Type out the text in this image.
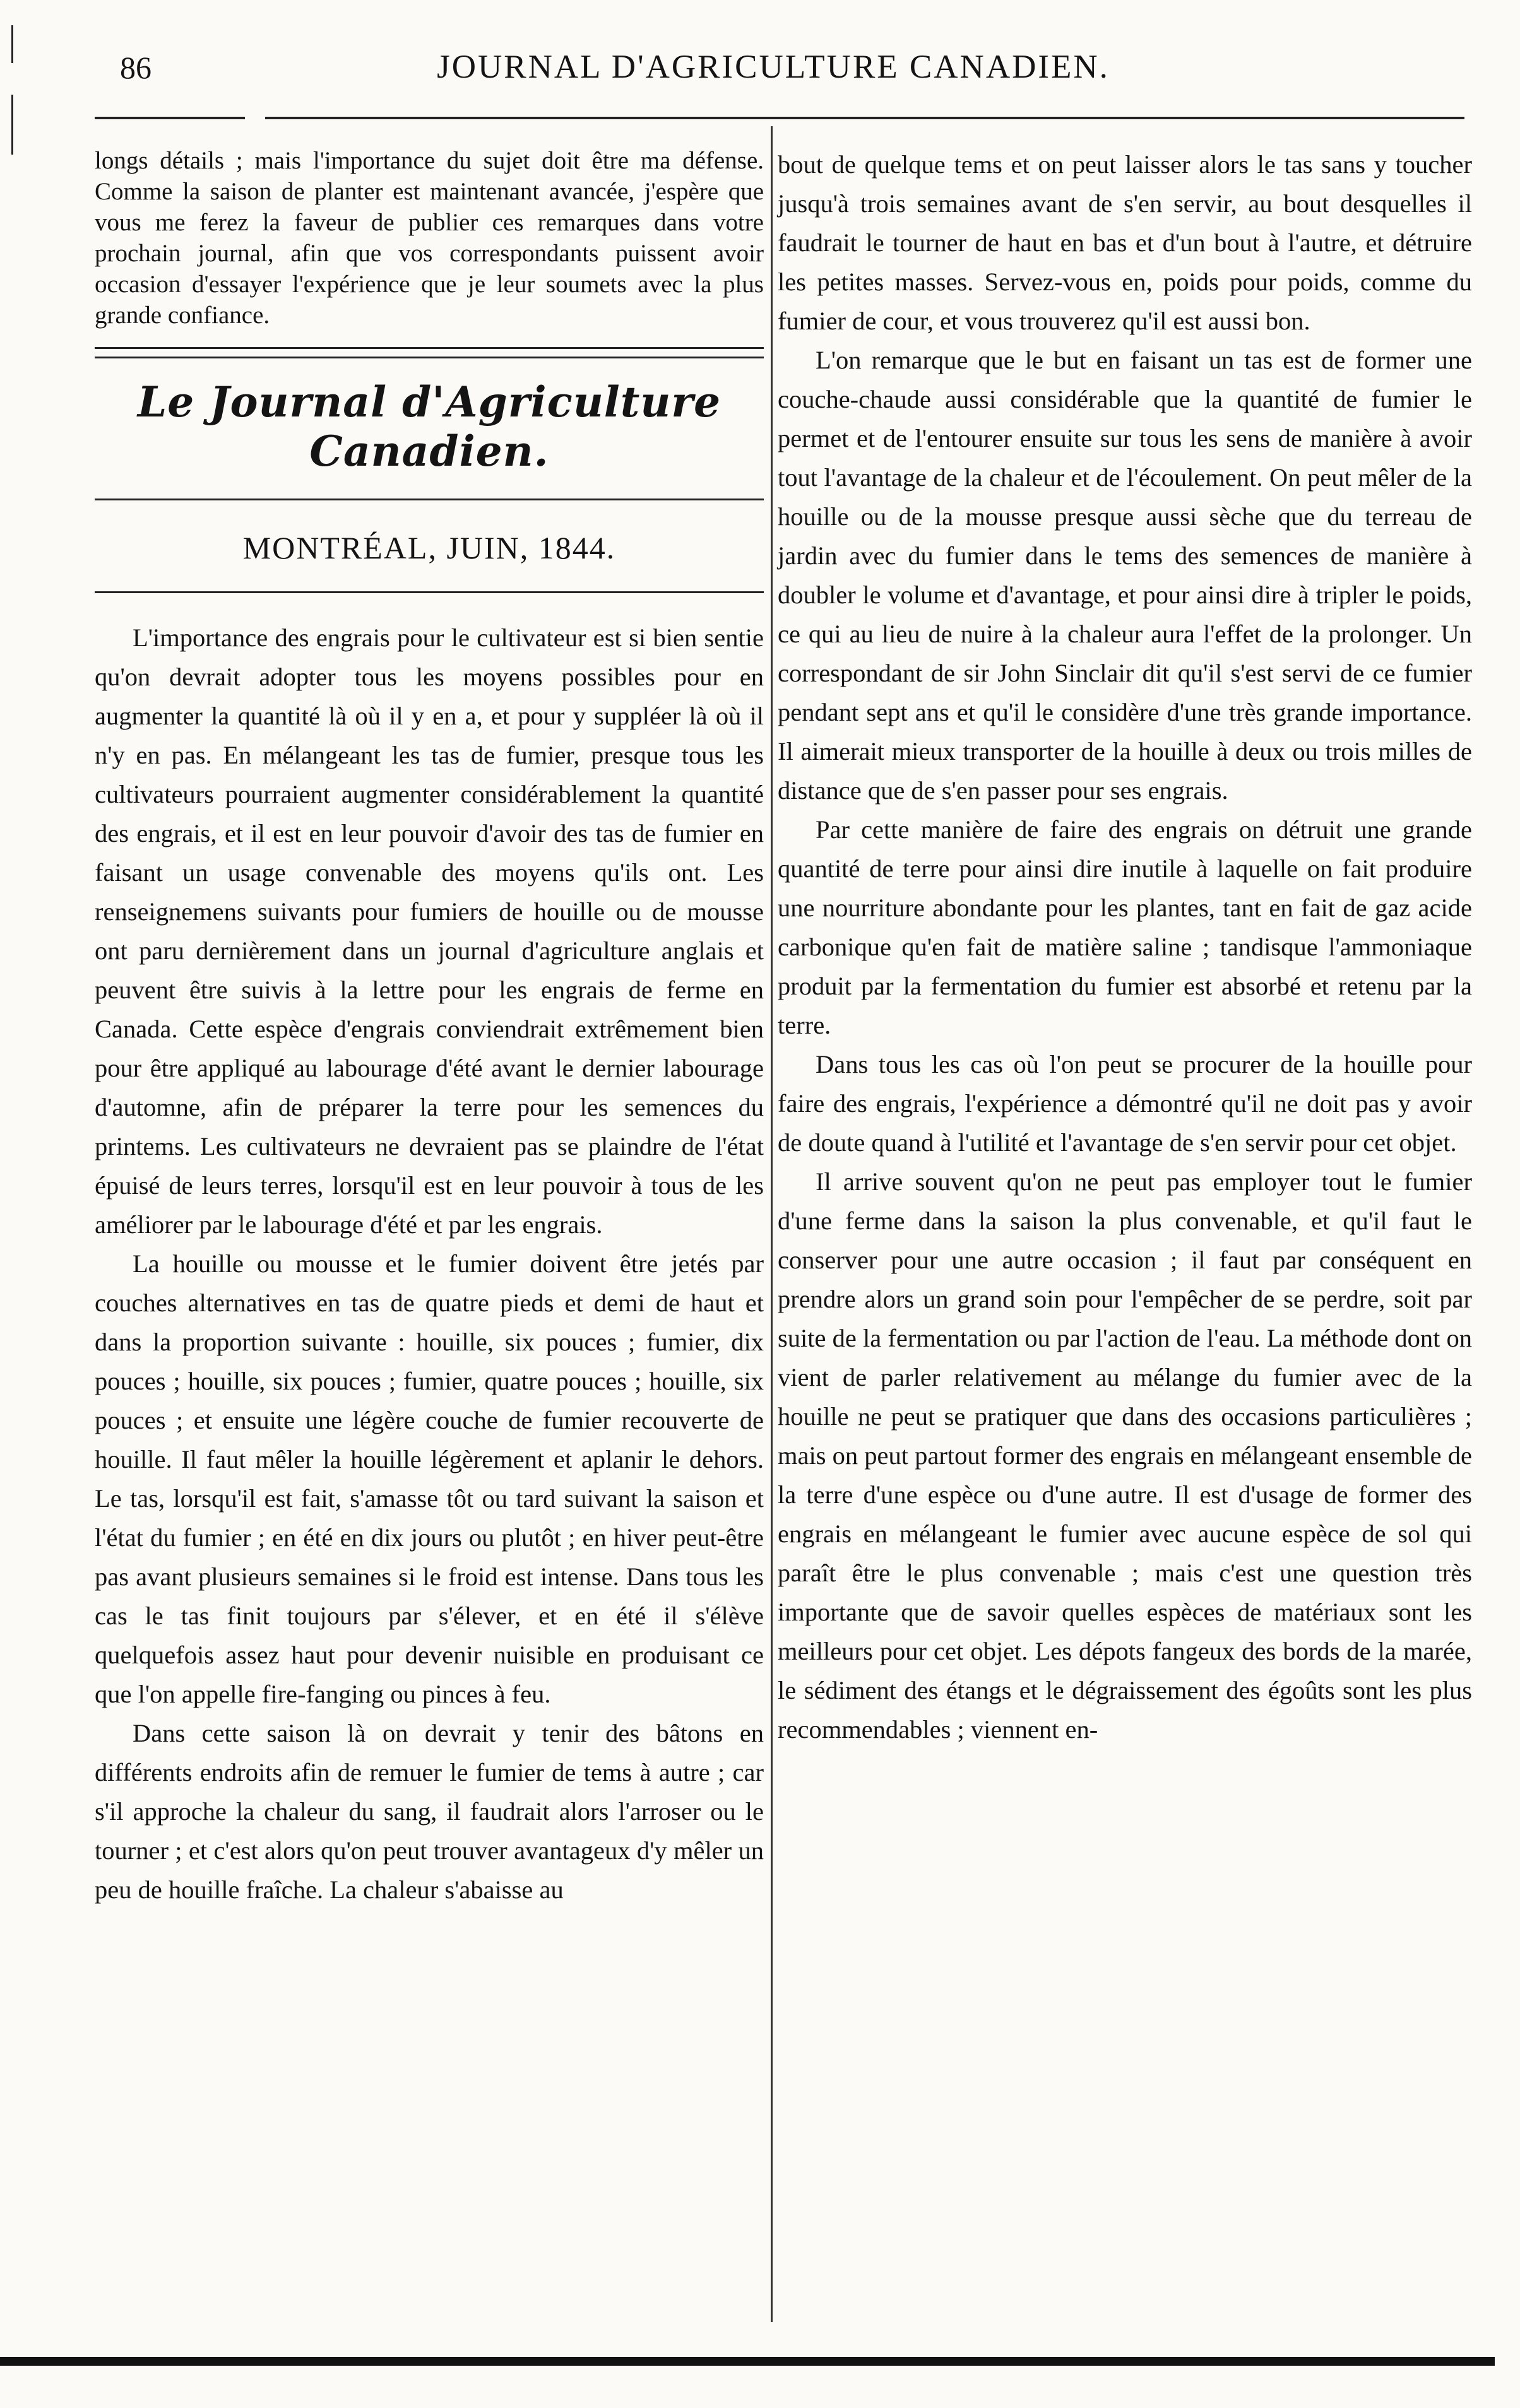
86	JOURNAL D'AGRICULTURE CANADIEN.

longs détails ; mais l'importance du sujet doit être ma défense. Comme la saison de planter est maintenant avancée, j'espère que vous me ferez la faveur de publier ces remarques dans votre prochain journal, afin que vos correspondants puissent avoir occasion d'essayer l'expérience que je leur soumets avec la plus grande confiance.

Le Journal d'Agriculture Canadien.
MONTRÉAL, JUIN, 1844.

L'importance des engrais pour le cultivateur est si bien sentie qu'on devrait adopter tous les moyens possibles pour en augmenter la quantité là où il y en a, et pour y suppléer là où il n'y en pas. En mélangeant les tas de fumier, presque tous les cultivateurs pourraient augmenter considérablement la quantité des engrais, et il est en leur pouvoir d'avoir des tas de fumier en faisant un usage convenable des moyens qu'ils ont. Les renseignemens suivants pour fumiers de houille ou de mousse ont paru dernièrement dans un journal d'agriculture anglais et peuvent être suivis à la lettre pour les engrais de ferme en Canada. Cette espèce d'engrais conviendrait extrêmement bien pour être appliqué au labourage d'été avant le dernier labourage d'automne, afin de préparer la terre pour les semences du printems. Les cultivateurs ne devraient pas se plaindre de l'état épuisé de leurs terres, lorsqu'il est en leur pouvoir à tous de les améliorer par le labourage d'été et par les engrais.

La houille ou mousse et le fumier doivent être jetés par couches alternatives en tas de quatre pieds et demi de haut et dans la proportion suivante : houille, six pouces ; fumier, dix pouces ; houille, six pouces ; fumier, quatre pouces ; houille, six pouces ; et ensuite une légère couche de fumier recouverte de houille. Il faut mêler la houille légèrement et aplanir le dehors. Le tas, lorsqu'il est fait, s'amasse tôt ou tard suivant la saison et l'état du fumier ; en été en dix jours ou plutôt ; en hiver peut-être pas avant plusieurs semaines si le froid est intense. Dans tous les cas le tas finit toujours par s'élever, et en été il s'élève quelquefois assez haut pour devenir nuisible en produisant ce que l'on appelle fire-fanging ou pinces à feu.

Dans cette saison là on devrait y tenir des bâtons en différents endroits afin de remuer le fumier de tems à autre ; car s'il approche la chaleur du sang, il faudrait alors l'arroser ou le tourner ; et c'est alors qu'on peut trouver avantageux d'y mêler un peu de houille fraîche. La chaleur s'abaisse au

bout de quelque tems et on peut laisser alors le tas sans y toucher jusqu'à trois semaines avant de s'en servir, au bout desquelles il faudrait le tourner de haut en bas et d'un bout à l'autre, et détruire les petites masses. Servez-vous en, poids pour poids, comme du fumier de cour, et vous trouverez qu'il est aussi bon.

L'on remarque que le but en faisant un tas est de former une couche-chaude aussi considérable que la quantité de fumier le permet et de l'entourer ensuite sur tous les sens de manière à avoir tout l'avantage de la chaleur et de l'écoulement. On peut mêler de la houille ou de la mousse presque aussi sèche que du terreau de jardin avec du fumier dans le tems des semences de manière à doubler le volume et d'avantage, et pour ainsi dire à tripler le poids, ce qui au lieu de nuire à la chaleur aura l'effet de la prolonger. Un correspondant de sir John Sinclair dit qu'il s'est servi de ce fumier pendant sept ans et qu'il le considère d'une très grande importance. Il aimerait mieux transporter de la houille à deux ou trois milles de distance que de s'en passer pour ses engrais.

Par cette manière de faire des engrais on détruit une grande quantité de terre pour ainsi dire inutile à laquelle on fait produire une nourriture abondante pour les plantes, tant en fait de gaz acide carbonique qu'en fait de matière saline ; tandisque l'ammoniaque produit par la fermentation du fumier est absorbé et retenu par la terre.

Dans tous les cas où l'on peut se procurer de la houille pour faire des engrais, l'expérience a démontré qu'il ne doit pas y avoir de doute quand à l'utilité et l'avantage de s'en servir pour cet objet.

Il arrive souvent qu'on ne peut pas employer tout le fumier d'une ferme dans la saison la plus convenable, et qu'il faut le conserver pour une autre occasion ; il faut par conséquent en prendre alors un grand soin pour l'empêcher de se perdre, soit par suite de la fermentation ou par l'action de l'eau. La méthode dont on vient de parler relativement au mélange du fumier avec de la houille ne peut se pratiquer que dans des occasions particulières ; mais on peut partout former des engrais en mélangeant ensemble de la terre d'une espèce ou d'une autre. Il est d'usage de former des engrais en mélangeant le fumier avec aucune espèce de sol qui paraît être le plus convenable ; mais c'est une question très importante que de savoir quelles espèces de matériaux sont les meilleurs pour cet objet. Les dépots fangeux des bords de la marée, le sédiment des étangs et le dégraissement des égoûts sont les plus recommendables ; viennent en-
